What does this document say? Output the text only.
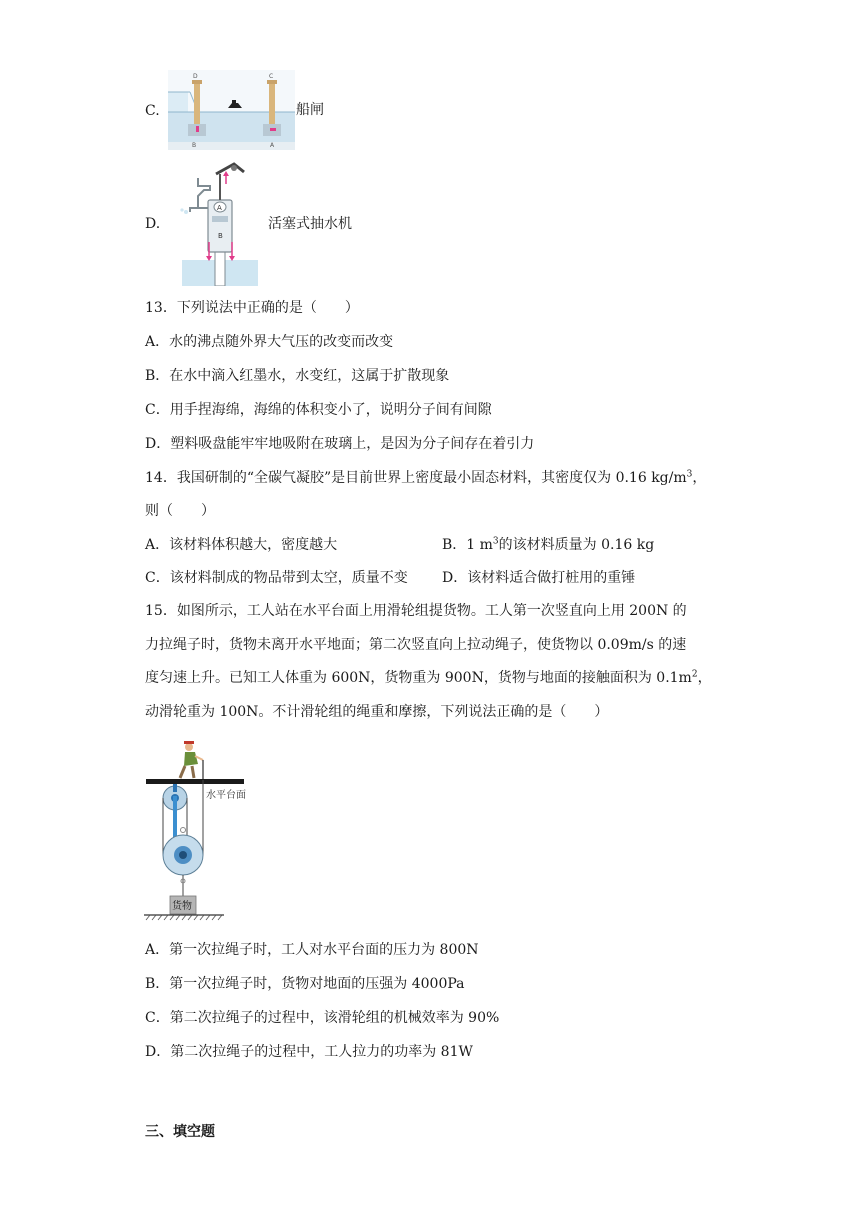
C.
D	C
B	A
船闸
D.
A
B
活塞式抽水机
13．下列说法中正确的是（　　）
A．水的沸点随外界大气压的改变而改变
B．在水中滴入红墨水，水变红，这属于扩散现象
C．用手捏海绵，海绵的体积变小了，说明分子间有间隙
D．塑料吸盘能牢牢地吸附在玻璃上，是因为分子间存在着引力
14．我国研制的“全碳气凝胶”是目前世界上密度最小固态材料，其密度仅为 0.16 $kg/m^3$，
则（　　）
A．该材料体积越大，密度越大	B．1 $m^3$的该材料质量为 0.16 kg
C．该材料制成的物品带到太空，质量不变 D．该材料适合做打桩用的重锤
15．如图所示，工人站在水平台面上用滑轮组提货物。工人第一次竖直向上用 200N 的
力拉绳子时，货物未离开水平地面；第二次竖直向上拉动绳子，使货物以 0.09m/s 的速
度匀速上升。已知工人体重为 600N，货物重为 900N，货物与地面的接触面积为 $0.1m^2$，
动滑轮重为 100N。不计滑轮组的绳重和摩擦，下列说法正确的是（　　）
货物
水平台面
A．第一次拉绳子时，工人对水平台面的压力为 800N
B．第一次拉绳子时，货物对地面的压强为 4000Pa
C．第二次拉绳子的过程中，该滑轮组的机械效率为 90%
D．第二次拉绳子的过程中，工人拉力的功率为 81W
三、填空题
